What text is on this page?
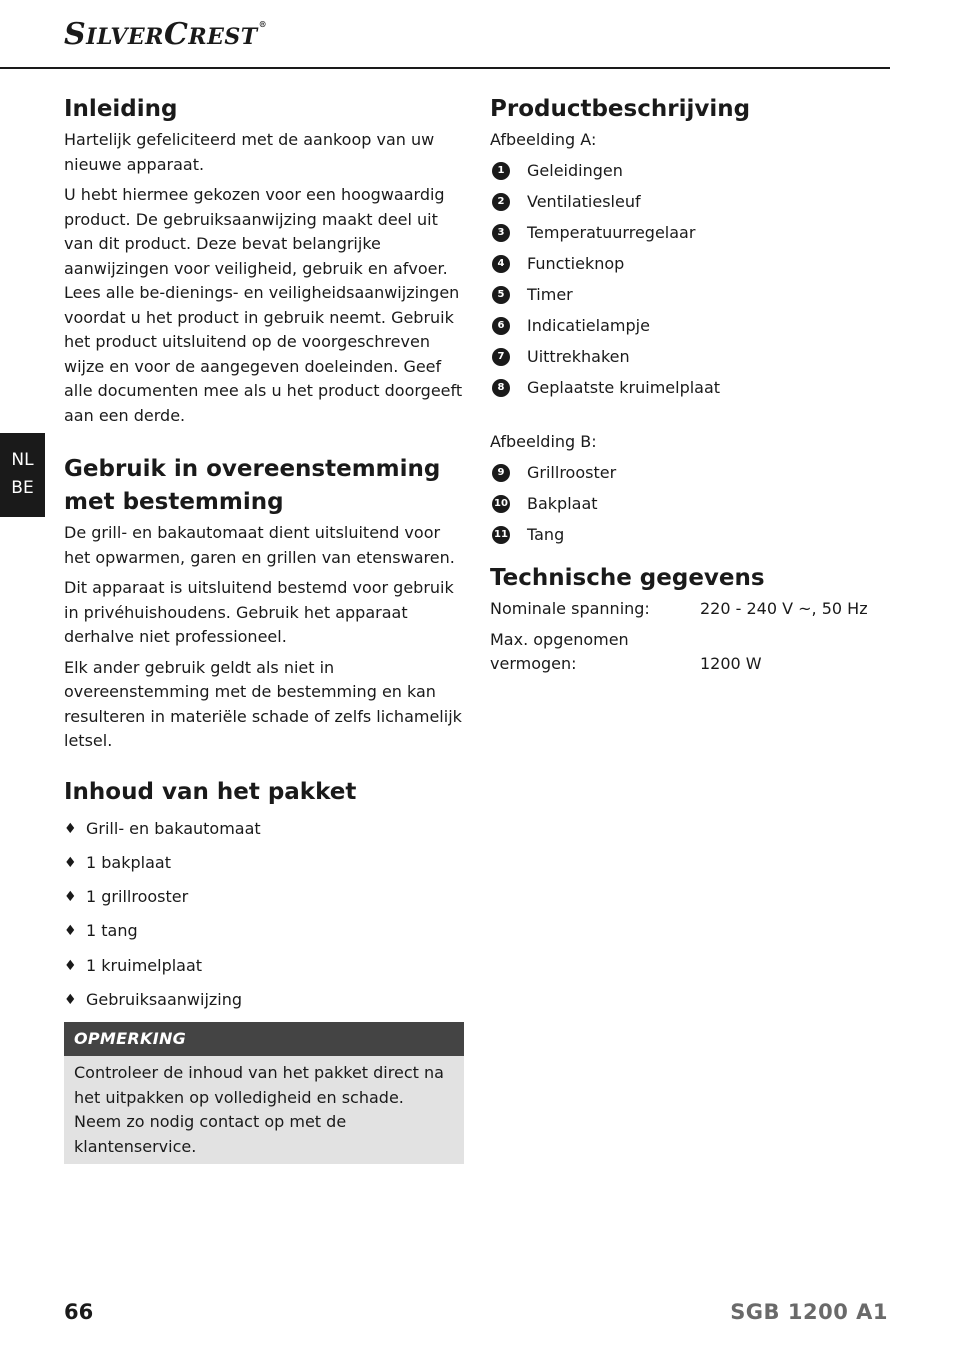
SILVERCREST®
NL
BE
Inleiding

Hartelijk gefeliciteerd met de aankoop van uw nieuwe apparaat.

U hebt hiermee gekozen voor een hoogwaardig product. De gebruiksaanwijzing maakt deel uit van dit product. Deze bevat belangrijke aanwijzingen voor veiligheid, gebruik en afvoer. Lees alle be-dienings- en veiligheidsaanwijzingen voordat u het product in gebruik neemt. Gebruik het product uitsluitend op de voorgeschreven wijze en voor de aangegeven doeleinden. Geef alle documenten mee als u het product doorgeeft aan een derde.

Gebruik in overeenstemming met bestemming

De grill- en bakautomaat dient uitsluitend voor het opwarmen, garen en grillen van etenswaren.

Dit apparaat is uitsluitend bestemd voor gebruik in privéhuishoudens. Gebruik het apparaat derhalve niet professioneel.

Elk ander gebruik geldt als niet in overeenstemming met de bestemming en kan resulteren in materiële schade of zelfs lichamelijk letsel.

Inhoud van het pakket
♦ Grill- en bakautomaat
♦ 1 bakplaat
♦ 1 grillrooster
♦ 1 tang
♦ 1 kruimelplaat
♦ Gebruiksaanwijzing
OPMERKING
Controleer de inhoud van het pakket direct na het uitpakken op volledigheid en schade. Neem zo nodig contact op met de klantenservice.
Productbeschrijving
Afbeelding A:
1	Geleidingen
2	Ventilatiesleuf
3	Temperatuurregelaar
4	Functieknop
5	Timer
6	Indicatielampje
7	Uittrekhaken
8	Geplaatste kruimelplaat
Afbeelding B:
9	Grillrooster
10 Bakplaat
11 Tang
Technische gegevens
Nominale spanning:	220 - 240 V ~, 50 Hz
Max. opgenomen vermogen:	1200 W
66	SGB 1200 A1
